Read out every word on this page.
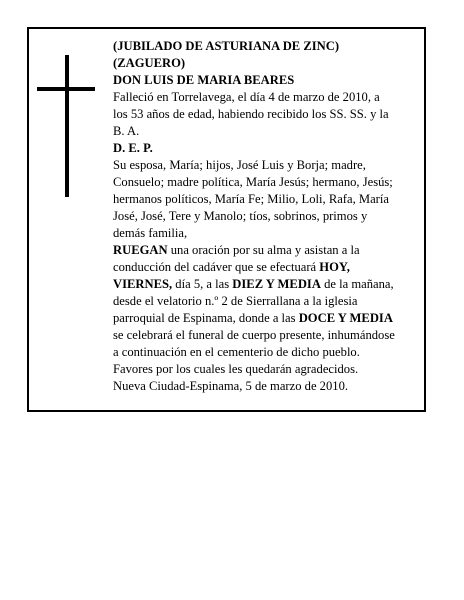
(JUBILADO DE ASTURIANA DE ZINC)
(ZAGUERO)
DON LUIS DE MARIA BEARES
Falleció en Torrelavega, el día 4 de marzo de 2010, a
los 53 años de edad, habiendo recibido los SS. SS. y la
B. A.
D. E. P.
Su esposa, María; hijos, José Luis y Borja; madre,
Consuelo; madre política, María Jesús; hermano, Jesús;
hermanos políticos, María Fe; Milio, Loli, Rafa, María
José, José, Tere y Manolo; tíos, sobrinos, primos y
demás familia,
RUEGAN una oración por su alma y asistan a la
conducción del cadáver que se efectuará HOY,
VIERNES, día 5, a las DIEZ Y MEDIA de la mañana,
desde el velatorio n.º 2 de Sierrallana a la iglesia
parroquial de Espinama, donde a las DOCE Y MEDIA
se celebrará el funeral de cuerpo presente, inhumándose
a continuación en el cementerio de dicho pueblo.
Favores por los cuales les quedarán agradecidos.
Nueva Ciudad-Espinama, 5 de marzo de 2010.
